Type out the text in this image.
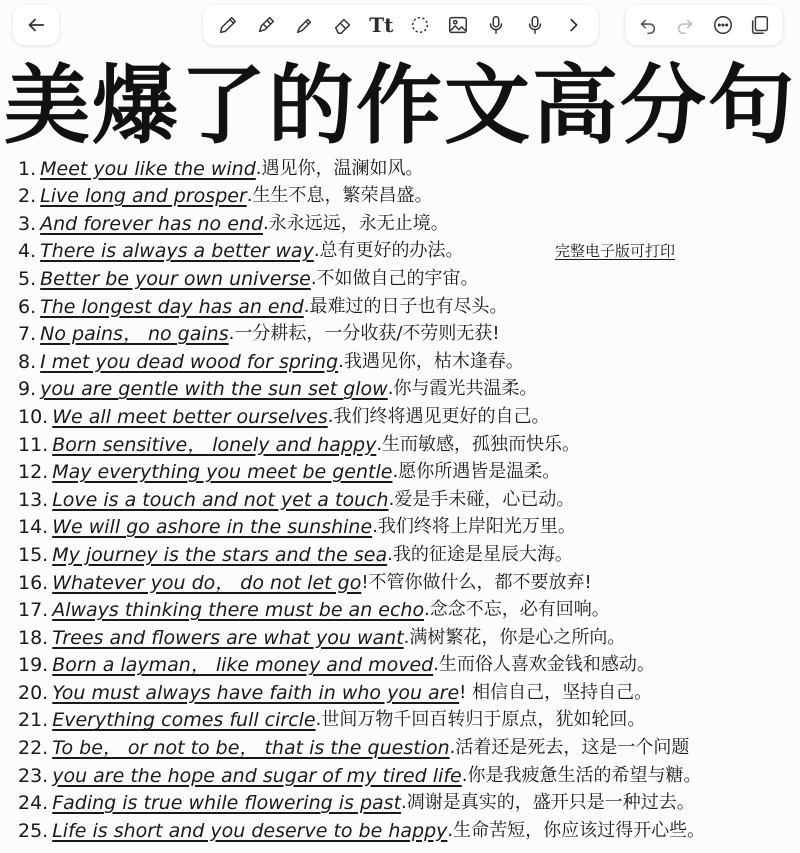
Tt
美爆了的作文高分句
完整电子版可打印
1. Meet you like the wind .遇见你，温澜如风。
2. Live long and prosper .生生不息，繁荣昌盛。
3. And forever has no end .永永远远，永无止境。
4. There is always a better way .总有更好的办法。
5. Better be your own universe .不如做自己的宇宙。
6. The longest day has an end .最难过的日子也有尽头。
7. No pains， no gains .一分耕耘，一分收获/不劳则无获!
8. I met you dead wood for spring .我遇见你，枯木逢春。
9. you are gentle with the sun set glow .你与霞光共温柔。
10. We all meet better ourselves .我们终将遇见更好的自己。
11. Born sensitive， lonely and happy .生而敏感，孤独而快乐。
12. May everything you meet be gentle .愿你所遇皆是温柔。
13. Love is a touch and not yet a touch .爱是手未碰，心已动。
14. We will go ashore in the sunshine .我们终将上岸阳光万里。
15. My journey is the stars and the sea .我的征途是星辰大海。
16. Whatever you do， do not let go !不管你做什么，都不要放弃!
17. Always thinking there must be an echo .念念不忘，必有回响。
18. Trees and flowers are what you want .满树繁花，你是心之所向。
19. Born a layman， like money and moved .生而俗人喜欢金钱和感动。
20. You must always have faith in who you are ! 相信自己，坚持自己。
21. Everything comes full circle .世间万物千回百转归于原点，犹如轮回。
22. To be， or not to be， that is the question .活着还是死去，这是一个问题
23. you are the hope and sugar of my tired life .你是我疲惫生活的希望与糖。
24. Fading is true while flowering is past .凋谢是真实的，盛开只是一种过去。
25. Life is short and you deserve to be happy .生命苦短，你应该过得开心些。
